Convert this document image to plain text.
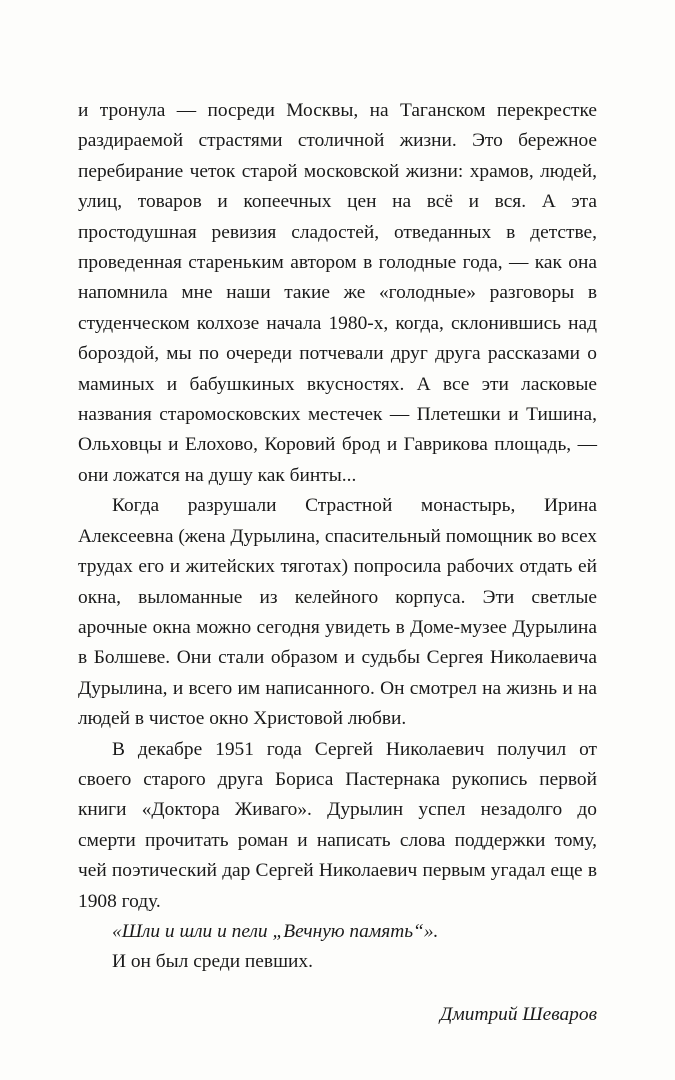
и тронула — посреди Москвы, на Таганском перекрестке раздираемой страстями столичной жизни. Это бережное перебирание четок старой московской жизни: храмов, людей, улиц, товаров и копеечных цен на всё и вся. А эта простодушная ревизия сладостей, отведанных в детстве, проведенная стареньким автором в голодные года, — как она напомнила мне наши такие же «голодные» разговоры в студенческом колхозе начала 1980-х, когда, склонившись над бороздой, мы по очереди потчевали друг друга рассказами о маминых и бабушкиных вкусностях. А все эти ласковые названия старомосковских местечек — Плетешки и Тишина, Ольховцы и Елохово, Коровий брод и Гаврикова площадь, — они ложатся на душу как бинты...

Когда разрушали Страстной монастырь, Ирина Алексеевна (жена Дурылина, спасительный помощник во всех трудах его и житейских тяготах) попросила рабочих отдать ей окна, выломанные из келейного корпуса. Эти светлые арочные окна можно сегодня увидеть в Доме-музее Дурылина в Болшеве. Они стали образом и судьбы Сергея Николаевича Дурылина, и всего им написанного. Он смотрел на жизнь и на людей в чистое окно Христовой любви.

В декабре 1951 года Сергей Николаевич получил от своего старого друга Бориса Пастернака рукопись первой книги «Доктора Живаго». Дурылин успел незадолго до смерти прочитать роман и написать слова поддержки тому, чей поэтический дар Сергей Николаевич первым угадал еще в 1908 году.

«Шли и шли и пели „Вечную память“».

И он был среди певших.

Дмитрий Шеваров
